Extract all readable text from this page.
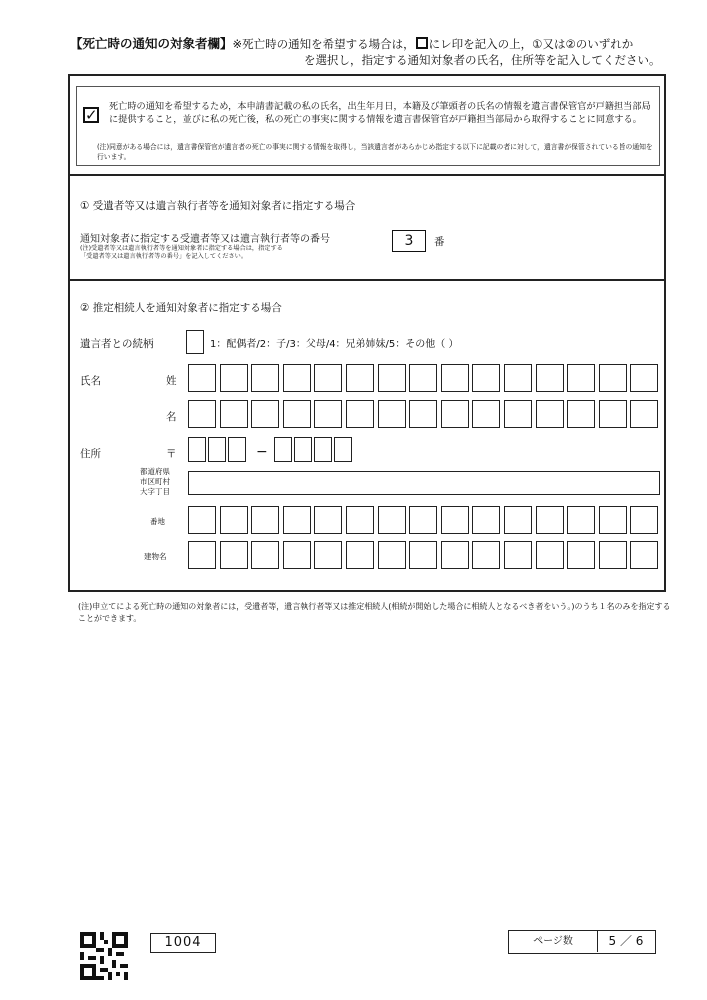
【死亡時の通知の対象者欄】※死亡時の通知を希望する場合は， にレ印を記入の上，①又は②のいずれか
を選択し，指定する通知対象者の氏名，住所等を記入してください。
✓ 死亡時の通知を希望するため，本申請書記載の私の氏名，出生年月日，本籍及び筆頭者の氏名の情報を遺言書保管官が戸籍担当部局に提供すること，並びに私の死亡後，私の死亡の事実に関する情報を遺言書保管官が戸籍担当部局から取得することに同意する。
(注)同意がある場合には，遺言書保管官が遺言者の死亡の事実に関する情報を取得し，当該遺言者があらかじめ指定する以下に記載の者に対して，遺言書が保管されている旨の通知を行います。
① 受遺者等又は遺言執行者等を通知対象者に指定する場合
通知対象者に指定する受遺者等又は遺言執行者等の番号
(注)受遺者等又は遺言執行者等を通知対象者に指定する場合は，指定する
「受遺者等又は遺言執行者等の番号」を記入してください。
3	番
② 推定相続人を通知対象者に指定する場合
遺言者との続柄	1：配偶者/2：子/3：父母/4：兄弟姉妹/5：その他（ ）
氏名	姓
名
住所	〒	−
都道府県
市区町村
大字丁目
番地
建物名
(注)申立てによる死亡時の通知の対象者には，受遺者等，遺言執行者等又は推定相続人(相続が開始した場合に相続人となるべき者をいう。)のうち１名のみを指定することができます。
1004	ページ数	5 ／ 6
